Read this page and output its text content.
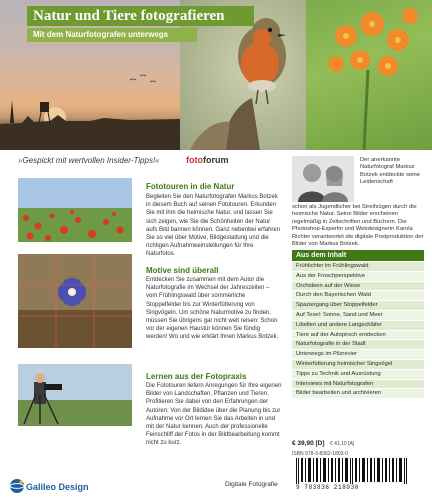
Natur und Tiere fotografieren
Mit dem Naturfotografen unterwegs
»Gespickt mit wertvollen Insider-Tipps!«	fotoforum
Fototouren in die Natur
Begleiten Sie den Naturfotografen Markus Botzek in diesem Buch auf seinen Fototouren. Erkunden Sie mit ihm die heimische Natur, und lassen Sie sich zeigen, wie Sie die Schönheiten der Natur aufs Bild bannen können. Ganz nebenbei erfahren Sie so viel über Motive, Bildgestaltung und die richtigen Aufnahmeeinstellungen für Ihre Naturfotos.
Motive sind überall
Entdecken Sie zusammen mit dem Autor die Naturfotografie im Wechsel der Jahreszeiten – vom Frühlingswald über sommerliche Stoppelfelder bis zur Winterfütterung von Singvögeln. Um schöne Naturmotive zu finden, müssen Sie übrigens gar nicht weit reisen: Schon vor der eigenen Haustür können Sie fündig werden! Wo und wie erklärt Ihnen Markus Botzek.
Lernen aus der Fotopraxis
Die Fototouren liefern Anregungen für Ihre eigenen Bilder von Landschaften, Pflanzen und Tieren. Profitieren Sie dabei von den Erfahrungen der Autoren: Von der Bildidee über die Planung bis zur Aufnahme vor Ort lernen Sie das Arbeiten in und mit der Natur kennen. Auch der professionelle Feinschliff der Fotos in der Bildbearbeitung kommt nicht zu kurz.
Der anerkannte Naturfotograf Markus Botzek entdeckte seine Leidenschaft
schon als Jugendlicher bei Streifzügen durch die heimische Natur. Seine Bilder erscheinen regelmäßig in Zeitschriften und Büchern. Die Photoshop-Expertin und Webdesignerin Karola Richter verantwortet die digitale Postproduktion der Bilder von Markus Botzek.
Aus dem Inhalt
Frühlichter im Frühlingswald
Aus der Froschperspektive
Orchideen auf der Wiese
Durch den Bayerischen Wald
Spaziergang über Stoppelfelder
Auf Texel: Sonne, Sand und Meer
Libellen und andere Langschläfer
Tiere auf der Autopirsch entdecken
Naturfotografie in der Stadt
Unterwegs im Pilzrevier
Winterfütterung heimischer Singvögel
Tipps zu Technik und Ausrüstung
Interviews mit Naturfotografen
Bilder bearbeiten und archivieren
€ 39,90 [D] € 41,10 [A]
ISBN 978-3-8362-1803-0
9 783836 218030
Galileo Design	Digitale Fotografie
